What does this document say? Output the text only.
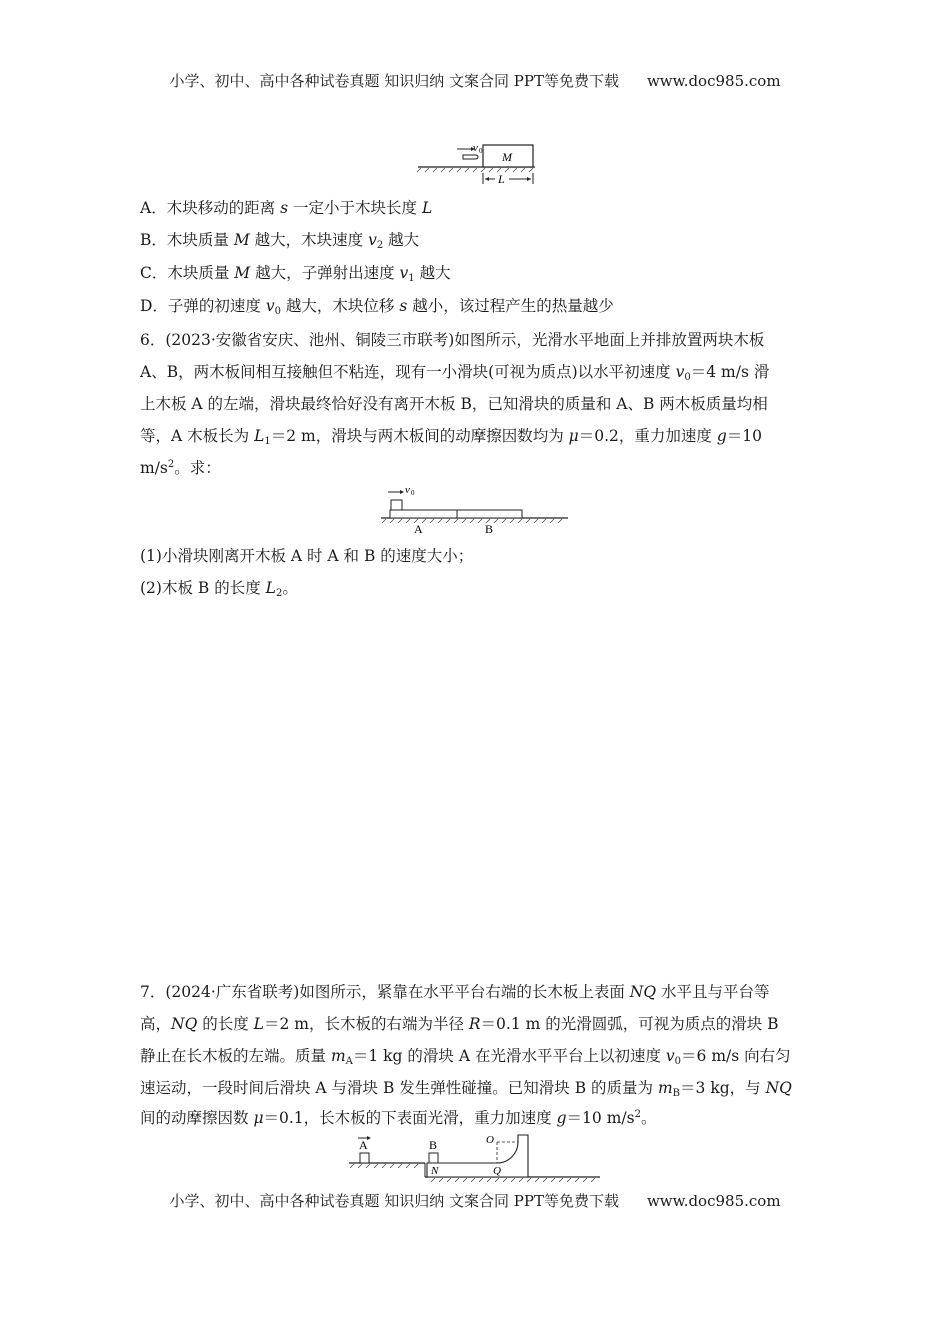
小学、初中、高中各种试卷真题 知识归纳 文案合同 PPT等免费下载 www.doc985.com
M
v 0
L
A．木块移动的距离 s 一定小于木块长度 L
B．木块质量 M 越大，木块速度 $v_2$ 越大
C．木块质量 M 越大，子弹射出速度 $v_1$ 越大
D．子弹的初速度 $v_0$ 越大，木块位移 s 越小，该过程产生的热量越少
6．(2023·安徽省安庆、池州、铜陵三市联考)如图所示，光滑水平地面上并排放置两块木板
A、B，两木板间相互接触但不粘连，现有一小滑块(可视为质点)以水平初速度 $v_0=4$ m/s 滑
上木板 A 的左端，滑块最终恰好没有离开木板 B，已知滑块的质量和 A、B 两木板质量均相
等，A 木板长为 $L_1=2$ m，滑块与两木板间的动摩擦因数均为 μ＝0.2，重力加速度 g＝10
$m/s^2$。求：
v 0
A	B
(1)小滑块刚离开木板 A 时 A 和 B 的速度大小；
(2)木板 B 的长度 $L_2$。
7．(2024·广东省联考)如图所示，紧靠在水平平台右端的长木板上表面 NQ 水平且与平台等
高，NQ 的长度 L＝2 m，长木板的右端为半径 R＝0.1 m 的光滑圆弧，可视为质点的滑块 B
静止在长木板的左端。质量 $m_A=1$ kg 的滑块 A 在光滑水平平台上以初速度 $v_0=6$ m/s 向右匀
速运动，一段时间后滑块 A 与滑块 B 发生弹性碰撞。已知滑块 B 的质量为 $m_B=3$ kg，与 NQ
间的动摩擦因数 μ＝0.1，长木板的下表面光滑，重力加速度 g＝10 $m/s^2$。
A	B
N	Q
O
小学、初中、高中各种试卷真题 知识归纳 文案合同 PPT等免费下载 www.doc985.com
